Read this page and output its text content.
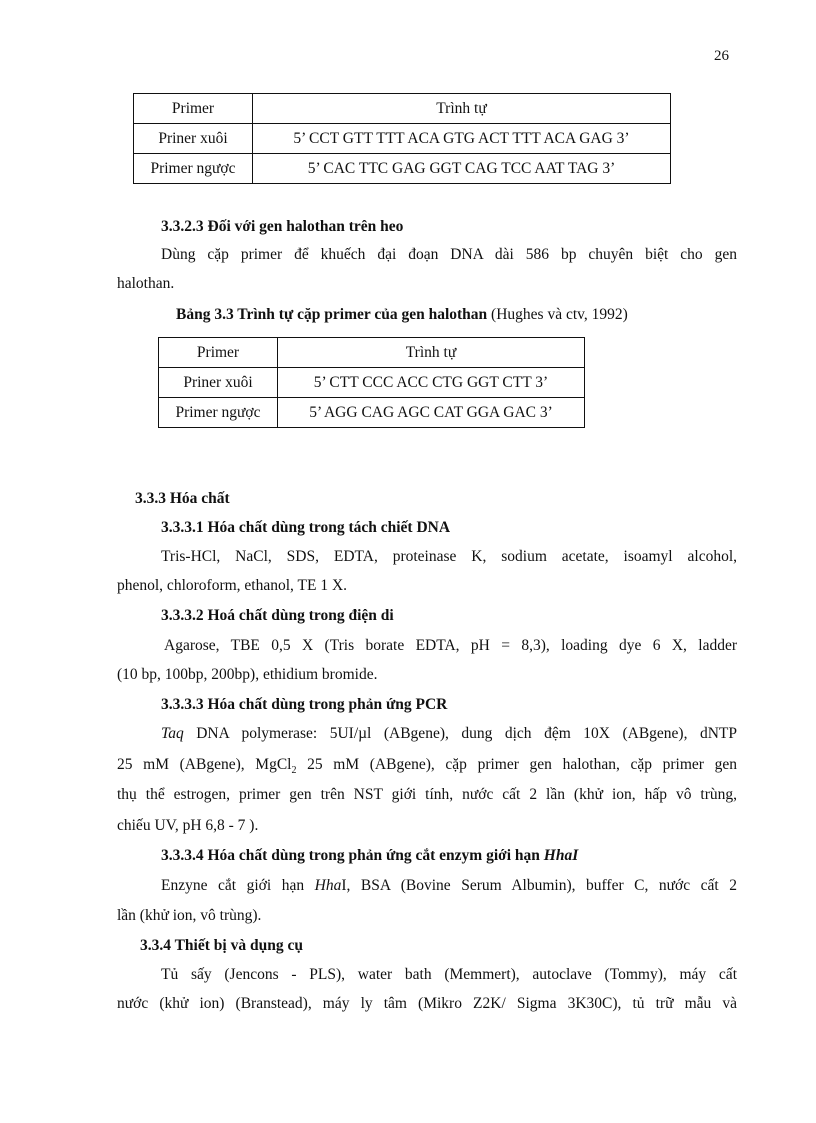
26
Primer	Trình tự
Priner xuôi	5’ CCT GTT TTT ACA GTG ACT TTT ACA GAG 3’
Primer ngược	5’ CAC TTC GAG GGT CAG TCC AAT TAG 3’
3.3.2.3 Đối với gen halothan trên heo
Dùng cặp primer để khuếch đại đoạn DNA dài 586 bp chuyên biệt cho gen
halothan.
Bảng 3.3 Trình tự cặp primer của gen halothan (Hughes và ctv, 1992)
Primer	Trình tự
Priner xuôi	5’ CTT CCC ACC CTG GGT CTT 3’
Primer ngược	5’ AGG CAG AGC CAT GGA GAC 3’
3.3.3 Hóa chất
3.3.3.1 Hóa chất dùng trong tách chiết DNA
Tris-HCl, NaCl, SDS, EDTA, proteinase K, sodium acetate, isoamyl alcohol,
phenol, chloroform, ethanol, TE 1 X.
3.3.3.2 Hoá chất dùng trong điện di
Agarose, TBE 0,5 X (Tris borate EDTA, pH = 8,3), loading dye 6 X, ladder
(10 bp, 100bp, 200bp), ethidium bromide.
3.3.3.3 Hóa chất dùng trong phản ứng PCR
Taq DNA polymerase: 5UI/µl (ABgene), dung dịch đệm 10X (ABgene), dNTP
25 mM (ABgene), MgCl$_2$ 25 mM (ABgene), cặp primer gen halothan, cặp primer gen
thụ thể estrogen, primer gen trên NST giới tính, nước cất 2 lần (khử ion, hấp vô trùng,
chiếu UV, pH 6,8 - 7 ).
3.3.3.4 Hóa chất dùng trong phản ứng cắt enzym giới hạn HhaI
Enzyne cắt giới hạn HhaI, BSA (Bovine Serum Albumin), buffer C, nước cất 2
lần (khử ion, vô trùng).
3.3.4 Thiết bị và dụng cụ
Tủ sấy (Jencons - PLS), water bath (Memmert), autoclave (Tommy), máy cất
nước (khử ion) (Branstead), máy ly tâm (Mikro Z2K/ Sigma 3K30C), tủ trữ mẫu và
